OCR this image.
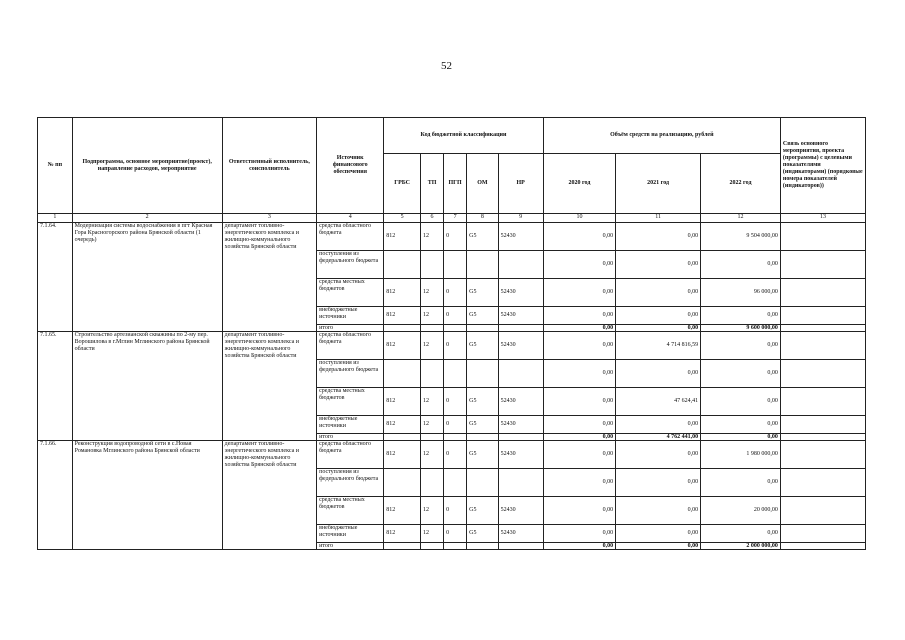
52
№ пп	Подпрограмма, основное мероприятие(проект), направление расходов, мероприятие	Ответственный исполнитель, соисполнитель	Источник финансового обеспечения	Код бюджетной классификации					Объём средств на реализацию, рублей			Связь основного мероприятия, проекта (программы) с целевыми показателями (индикаторами) (порядковые номера показателей (индикаторов))
				ГРБС	ТП	ПГП	ОМ	НР	2020 год	2021 год	2022 год	
1	2	3	4	5	6	7	8	9	10	11	12	13
7.1.64.	Модернизация системы водоснабжения в пгт Красная Гора Красногорского района Брянской области (1 очередь)	департамент топливно-энергетического комплекса и жилищно-коммунального хозяйства Брянской области	средства областного бюджета	812	12	0	G5	52430	0,00	0,00	9 504 000,00	
			поступления из федерального бюджета						0,00	0,00	0,00	
			средства местных бюджетов	812	12	0	G5	52430	0,00	0,00	96 000,00	
			внебюджетные источники	812	12	0	G5	52430	0,00	0,00	0,00	
			итого						0,00	0,00	9 600 000,00	
7.1.65.	Строительство артезианской скважины по 2-му пер. Ворошилова в г.Мглин Мглинского района Брянской области	департамент топливно-энергетического комплекса и жилищно-коммунального хозяйства Брянской области	средства областного бюджета	812	12	0	G5	52430	0,00	4 714 816,59	0,00	
			поступления из федерального бюджета						0,00	0,00	0,00	
			средства местных бюджетов	812	12	0	G5	52430	0,00	47 624,41	0,00	
			внебюджетные источники	812	12	0	G5	52430	0,00	0,00	0,00	
			итого						0,00	4 762 441,00	0,00	
7.1.66.	Реконструкция водопроводной сети в с.Новая Романовка Мглинского района Брянской области	департамент топливно-энергетического комплекса и жилищно-коммунального хозяйства Брянской области	средства областного бюджета	812	12	0	G5	52430	0,00	0,00	1 980 000,00	
			поступления из федерального бюджета						0,00	0,00	0,00	
			средства местных бюджетов	812	12	0	G5	52430	0,00	0,00	20 000,00	
			внебюджетные источники	812	12	0	G5	52430	0,00	0,00	0,00	
			итого						0,00	0,00	2 000 000,00	
